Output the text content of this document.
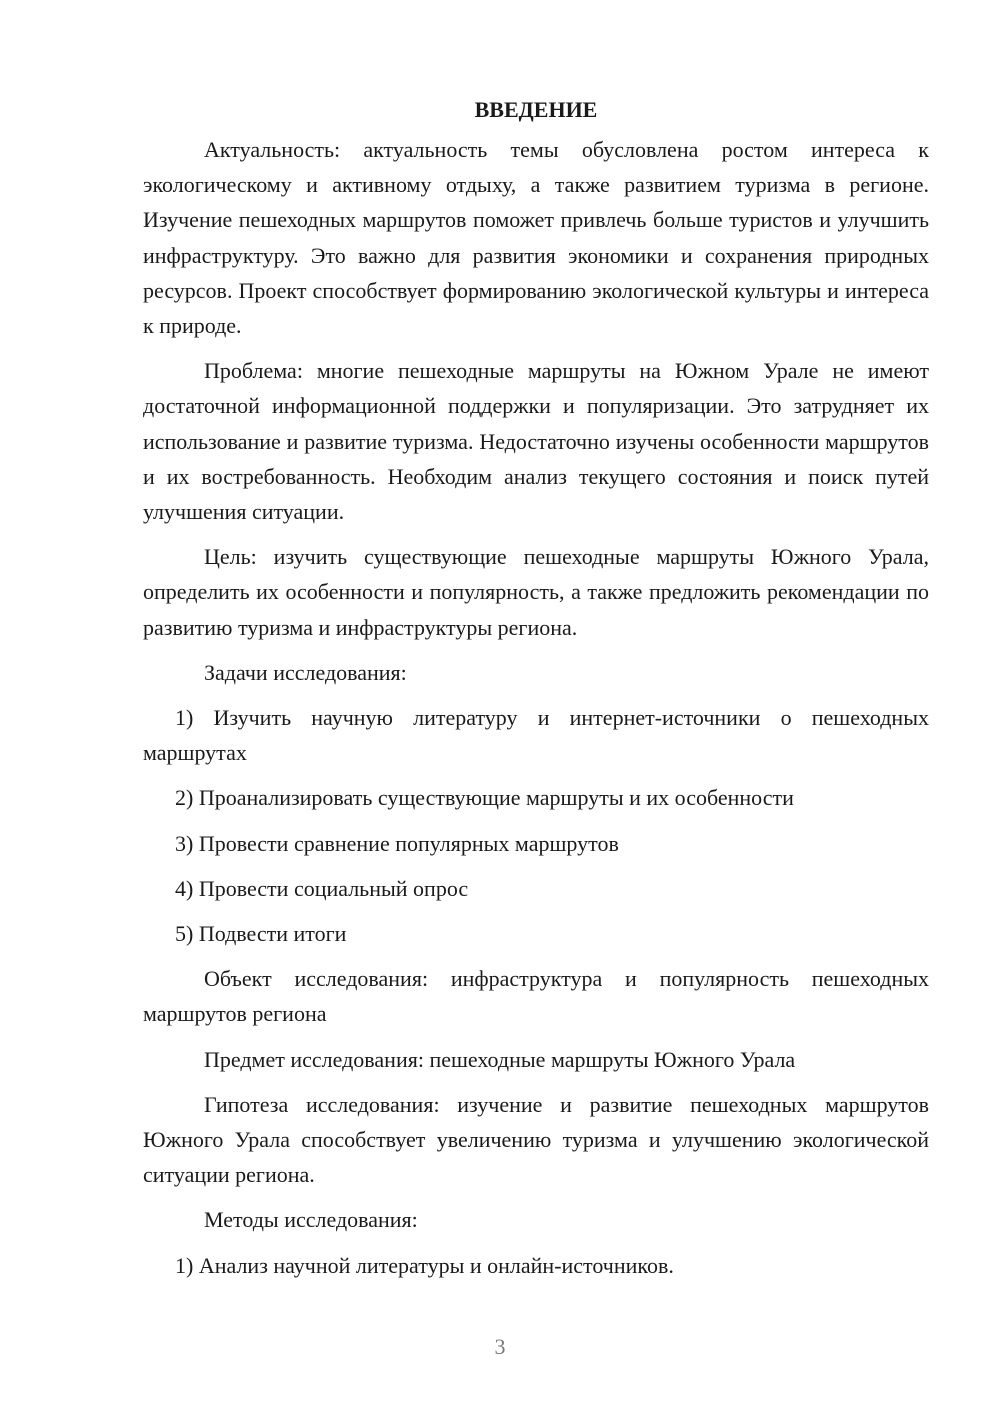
ВВЕДЕНИЕ

Актуальность: актуальность темы обусловлена ростом интереса к экологическому и активному отдыху, а также развитием туризма в регионе. Изучение пешеходных маршрутов поможет привлечь больше туристов и улучшить инфраструктуру. Это важно для развития экономики и сохранения природных ресурсов. Проект способствует формированию экологической культуры и интереса к природе.

Проблема: многие пешеходные маршруты на Южном Урале не имеют достаточной информационной поддержки и популяризации. Это затрудняет их использование и развитие туризма. Недостаточно изучены особенности маршрутов и их востребованность. Необходим анализ текущего состояния и поиск путей улучшения ситуации.

Цель: изучить существующие пешеходные маршруты Южного Урала, определить их особенности и популярность, а также предложить рекомендации по развитию туризма и инфраструктуры региона.

Задачи исследования:

1) Изучить научную литературу и интернет-источники о пешеходных маршрутах

2) Проанализировать существующие маршруты и их особенности

3) Провести сравнение популярных маршрутов

4) Провести социальный опрос

5) Подвести итоги

Объект исследования: инфраструктура и популярность пешеходных маршрутов региона

Предмет исследования: пешеходные маршруты Южного Урала

Гипотеза исследования: изучение и развитие пешеходных маршрутов Южного Урала способствует увеличению туризма и улучшению экологической ситуации региона.

Методы исследования:

1) Анализ научной литературы и онлайн-источников.

3
